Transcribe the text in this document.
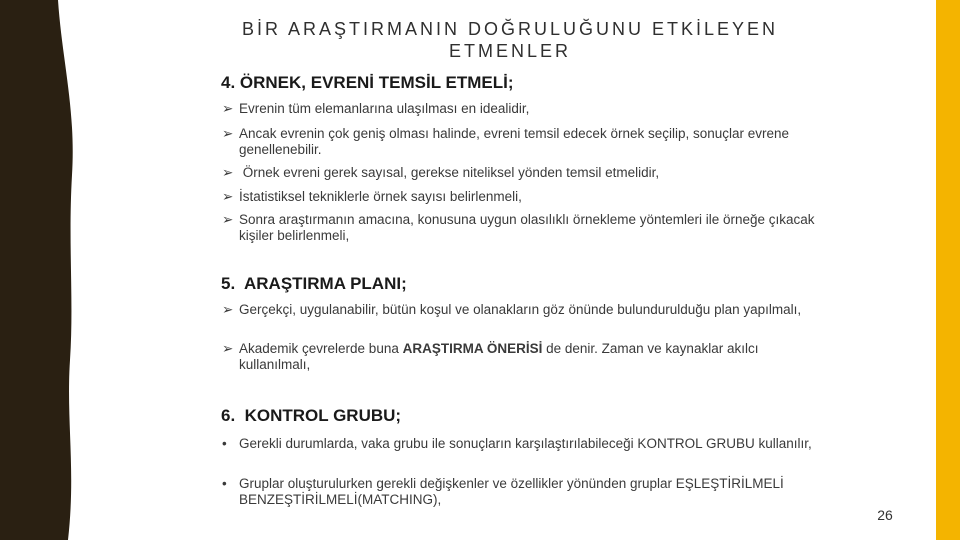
BİR ARAŞTIRMANIN DOĞRULUĞUNU ETKİLEYEN ETMENLER
4. ÖRNEK, EVRENİ TEMSİL ETMELİ;
➢ Evrenin tüm elemanlarına ulaşılması en idealidir,
➢ Ancak evrenin çok geniş olması halinde, evreni temsil edecek örnek seçilip, sonuçlar evrene genellenebilir.
➢ Örnek evreni gerek sayısal, gerekse niteliksel yönden temsil etmelidir,
➢ İstatistiksel tekniklerle örnek sayısı belirlenmeli,
➢ Sonra araştırmanın amacına, konusuna uygun olasılıklı örnekleme yöntemleri ile örneğe çıkacak kişiler belirlenmeli,
5.  ARAŞTIRMA PLANI;
➢ Gerçekçi, uygulanabilir, bütün koşul ve olanakların göz önünde bulundurulduğu plan yapılmalı,
➢ Akademik çevrelerde buna ARAŞTIRMA ÖNERİSİ de denir. Zaman ve kaynaklar akılcı kullanılmalı,
6.  KONTROL GRUBU;
• Gerekli durumlarda, vaka grubu ile sonuçların karşılaştırılabileceği KONTROL GRUBU kullanılır,
• Gruplar oluşturulurken gerekli değişkenler ve özellikler yönünden gruplar EŞLEŞTİRİLMELİ BENZEŞTİRİLMELİ(MATCHING),
26
